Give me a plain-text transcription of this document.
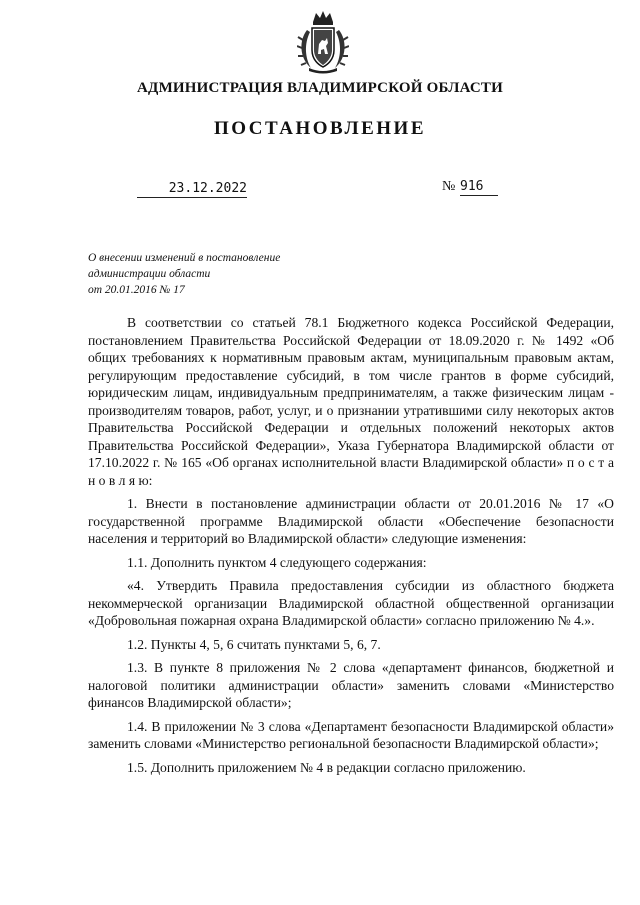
АДМИНИСТРАЦИЯ ВЛАДИМИРСКОЙ ОБЛАСТИ
ПОСТАНОВЛЕНИЕ
23.12.2022	№ 916
О внесении изменений в постановление
администрации области
от 20.01.2016 № 17

В соответствии со статьей 78.1 Бюджетного кодекса Российской Федерации, постановлением Правительства Российской Федерации от 18.09.2020 г. № 1492 «Об общих требованиях к нормативным правовым актам, муниципальным правовым актам, регулирующим предоставление субсидий, в том числе грантов в форме субсидий, юридическим лицам, индивидуальным предпринимателям, а также физическим лицам - производителям товаров, работ, услуг, и о признании утратившими силу некоторых актов Правительства Российской Федерации и отдельных положений некоторых актов Правительства Российской Федерации», Указа Губернатора Владимирской области от 17.10.2022 г. № 165 «Об органах исполнительной власти Владимирской области» п о с т а н о в л я ю:

1. Внести в постановление администрации области от 20.01.2016 № 17 «О государственной программе Владимирской области «Обеспечение безопасности населения и территорий во Владимирской области» следующие изменения:

1.1. Дополнить пунктом 4 следующего содержания:

«4. Утвердить Правила предоставления субсидии из областного бюджета некоммерческой организации Владимирской областной общественной организации «Добровольная пожарная охрана Владимирской области» согласно приложению № 4.».

1.2. Пункты 4, 5, 6 считать пунктами 5, 6, 7.

1.3. В пункте 8 приложения № 2 слова «департамент финансов, бюджетной и налоговой политики администрации области» заменить словами «Министерство финансов Владимирской области»;

1.4. В приложении № 3 слова «Департамент безопасности Владимирской области» заменить словами «Министерство региональной безопасности Владимирской области»;

1.5. Дополнить приложением № 4 в редакции согласно приложению.
